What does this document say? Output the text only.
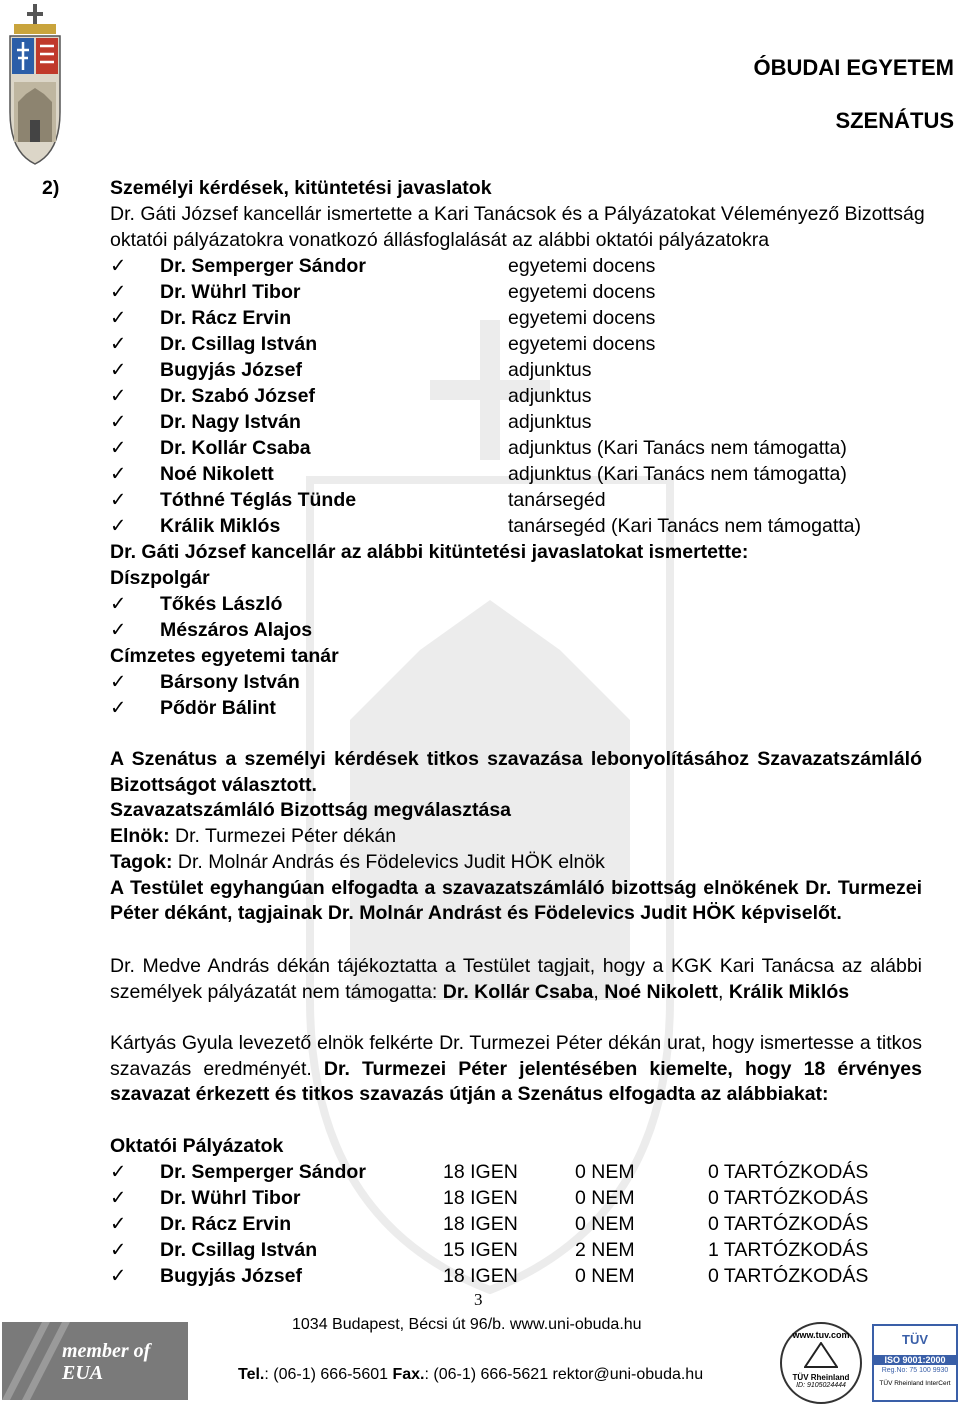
ÓBUDAI EGYETEM
SZENÁTUS
2)	Személyi kérdések, kitüntetési javaslatok
Dr. Gáti József kancellár ismertette a Kari Tanácsok és a Pályázatokat Véleményező Bizottság
oktatói pályázatokra vonatkozó állásfoglalását az alábbi oktatói pályázatokra
✓	Dr. Semperger Sándor	egyetemi docens
✓	Dr. Wührl Tibor	egyetemi docens
✓	Dr. Rácz Ervin	egyetemi docens
✓	Dr. Csillag István	egyetemi docens
✓	Bugyjás József	adjunktus
✓	Dr. Szabó József	adjunktus
✓	Dr. Nagy István	adjunktus
✓	Dr. Kollár Csaba	adjunktus (Kari Tanács nem támogatta)
✓	Noé Nikolett	adjunktus (Kari Tanács nem támogatta)
✓	Tóthné Téglás Tünde	tanársegéd
✓	Králik Miklós	tanársegéd (Kari Tanács nem támogatta)
Dr. Gáti József kancellár az alábbi kitüntetési javaslatokat ismertette:
Díszpolgár
✓	Tőkés László
✓	Mészáros Alajos
Címzetes egyetemi tanár
✓	Bársony István
✓	Pődör Bálint
A Szenátus a személyi kérdések titkos szavazása lebonyolításához Szavazatszámláló
Bizottságot választott.
Szavazatszámláló Bizottság megválasztása
Elnök: Dr. Turmezei Péter dékán
Tagok: Dr. Molnár András és Födelevics Judit HÖK elnök
A Testület egyhangúan elfogadta a szavazatszámláló bizottság elnökének Dr. Turmezei
Péter dékánt, tagjainak Dr. Molnár Andrást és Födelevics Judit HÖK képviselőt.
Dr. Medve András dékán tájékoztatta a Testület tagjait, hogy a KGK Kari Tanácsa az alábbi
személyek pályázatát nem támogatta: Dr. Kollár Csaba, Noé Nikolett, Králik Miklós
Kártyás Gyula levezető elnök felkérte Dr. Turmezei Péter dékán urat, hogy ismertesse a titkos
szavazás eredményét. Dr. Turmezei Péter jelentésében kiemelte, hogy 18 érvényes
szavazat érkezett és titkos szavazás útján a Szenátus elfogadta az alábbiakat:
Oktatói Pályázatok
✓	Dr. Semperger Sándor	18 IGEN	0 NEM	0 TARTÓZKODÁS
✓	Dr. Wührl Tibor	18 IGEN	0 NEM	0 TARTÓZKODÁS
✓	Dr. Rácz Ervin	18 IGEN	0 NEM	0 TARTÓZKODÁS
✓	Dr. Csillag István	15 IGEN	2 NEM	1 TARTÓZKODÁS
✓	Bugyjás József	18 IGEN	0 NEM	0 TARTÓZKODÁS
3
1034 Budapest, Bécsi út 96/b. www.uni-obuda.hu
Tel.: (06-1) 666-5601 Fax.: (06-1) 666-5621 rektor@uni-obuda.hu
member of EUA
www.tuv.com
TÜV Rheinland
ID: 9105024444
TÜV
ISO 9001:2000
Reg.No: 75 100 9930
TÜV Rheinland InterCert
